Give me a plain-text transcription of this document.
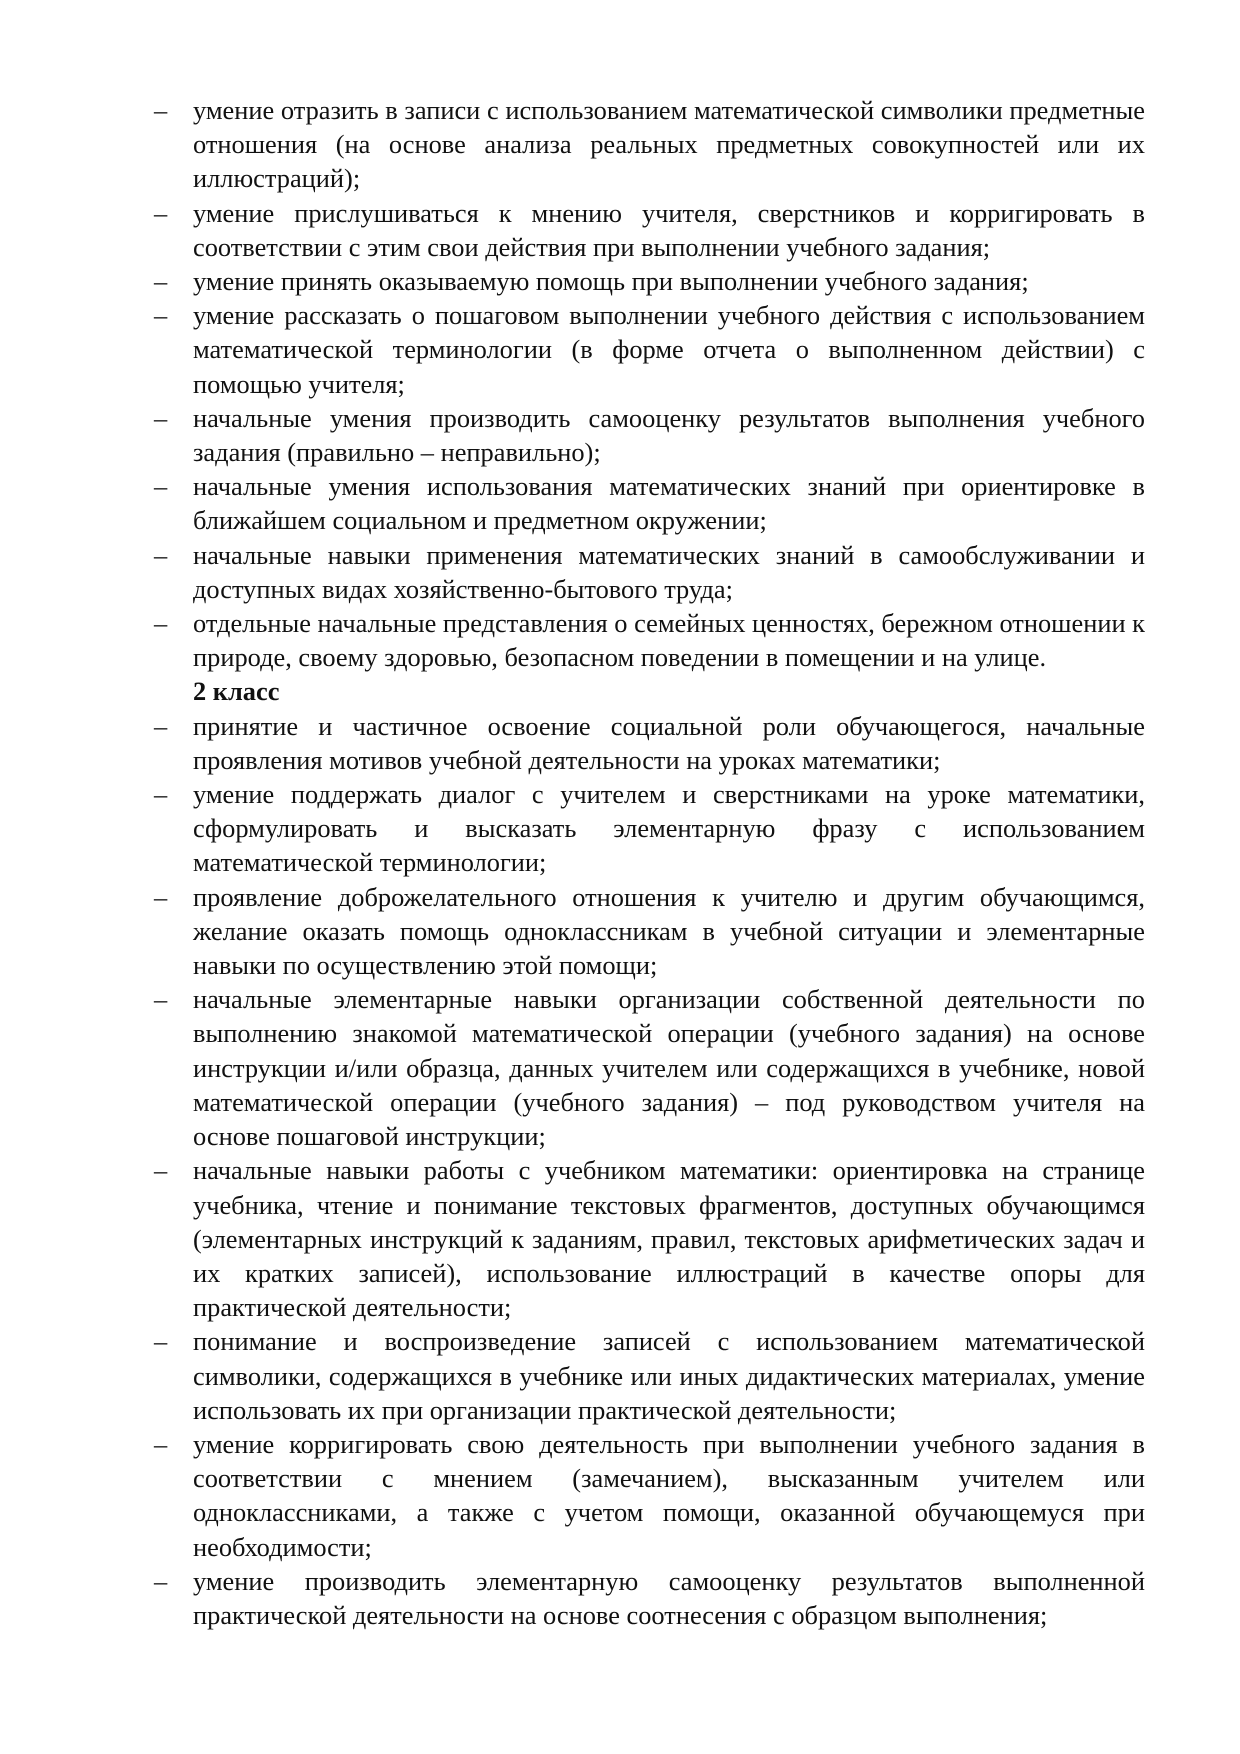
– умение отразить в записи с использованием математической символики предметные отношения (на основе анализа реальных предметных совокупностей или их иллюстраций);
– умение прислушиваться к мнению учителя, сверстников и корригировать в соответствии с этим свои действия при выполнении учебного задания;
– умение принять оказываемую помощь при выполнении учебного задания;
– умение рассказать о пошаговом выполнении учебного действия с использованием математической терминологии (в форме отчета о выполненном действии) с помощью учителя;
– начальные умения производить самооценку результатов выполнения учебного задания (правильно – неправильно);
– начальные умения использования математических знаний при ориентировке в ближайшем социальном и предметном окружении;
– начальные навыки применения математических знаний в самообслуживании и доступных видах хозяйственно-бытового труда;
– отдельные начальные представления о семейных ценностях, бережном отношении к природе, своему здоровью, безопасном поведении в помещении и на улице.
2 класс
– принятие и частичное освоение социальной роли обучающегося, начальные проявления мотивов учебной деятельности на уроках математики;
– умение поддержать диалог с учителем и сверстниками на уроке математики, сформулировать и высказать элементарную фразу с использованием математической терминологии;
– проявление доброжелательного отношения к учителю и другим обучающимся, желание оказать помощь одноклассникам в учебной ситуации и элементарные навыки по осуществлению этой помощи;
– начальные элементарные навыки организации собственной деятельности по выполнению знакомой математической операции (учебного задания) на основе инструкции и/или образца, данных учителем или содержащихся в учебнике, новой математической операции (учебного задания) – под руководством учителя на основе пошаговой инструкции;
– начальные навыки работы с учебником математики: ориентировка на странице учебника, чтение и понимание текстовых фрагментов, доступных обучающимся (элементарных инструкций к заданиям, правил, текстовых арифметических задач и их кратких записей), использование иллюстраций в качестве опоры для практической деятельности;
– понимание и воспроизведение записей с использованием математической символики, содержащихся в учебнике или иных дидактических материалах, умение использовать их при организации практической деятельности;
– умение корригировать свою деятельность при выполнении учебного задания в соответствии с мнением (замечанием), высказанным учителем или одноклассниками, а также с учетом помощи, оказанной обучающемуся при необходимости;
– умение производить элементарную самооценку результатов выполненной практической деятельности на основе соотнесения с образцом выполнения;
